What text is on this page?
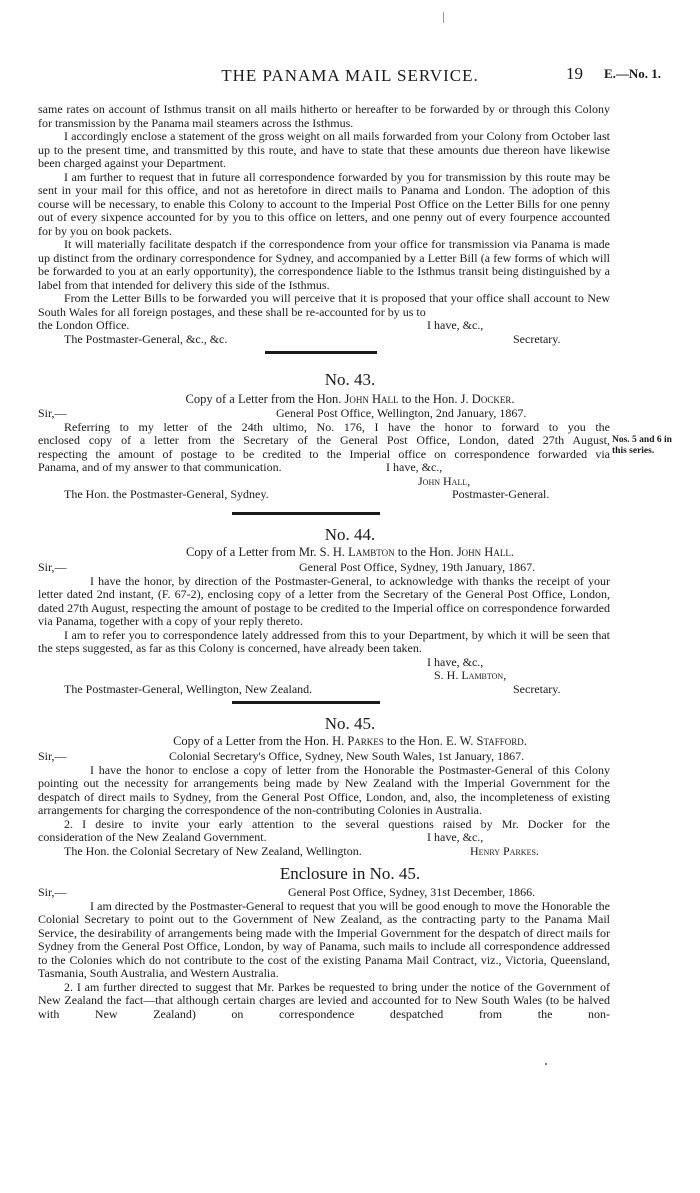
THE PANAMA MAIL SERVICE.	19 E.—No. 1.

same rates on account of Isthmus transit on all mails hitherto or hereafter to be forwarded by or through this Colony for transmission by the Panama mail steamers across the Isthmus.

I accordingly enclose a statement of the gross weight on all mails forwarded from your Colony from October last up to the present time, and transmitted by this route, and have to state that these amounts due thereon have likewise been charged against your Department.

I am further to request that in future all correspondence forwarded by you for transmission by this route may be sent in your mail for this office, and not as heretofore in direct mails to Panama and London. The adoption of this course will be necessary, to enable this Colony to account to the Imperial Post Office on the Letter Bills for one penny out of every sixpence accounted for by you to this office on letters, and one penny out of every fourpence accounted for by you on book packets.

It will materially facilitate despatch if the correspondence from your office for transmission via Panama is made up distinct from the ordinary correspondence for Sydney, and accompanied by a Letter Bill (a few forms of which will be forwarded to you at an early opportunity), the correspondence liable to the Isthmus transit being distinguished by a label from that intended for delivery this side of the Isthmus.

From the Letter Bills to be forwarded you will perceive that it is proposed that your office shall account to New South Wales for all foreign postages, and these shall be re-accounted for by us to

the London Office.	I have, &c.,
The Postmaster-General, &c., &c.	Secretary.
No. 43.
Copy of a Letter from the Hon. John Hall to the Hon. J. Docker.
Sir,—	General Post Office, Wellington, 2nd January, 1867.

Referring to my letter of the 24th ultimo, No. 176, I have the honor to forward to you the

enclosed copy of a letter from the Secretary of the General Post Office, London, dated 27th August,

respecting the amount of postage to be credited to the Imperial office on correspondence forwarded via

Panama, and of my answer to that communication.	I have, &c.,
John Hall,
The Hon. the Postmaster-General, Sydney.	Postmaster-General.
Nos. 5 and 6 in
this series.
No. 44.
Copy of a Letter from Mr. S. H. Lambton to the Hon. John Hall.
Sir,—	General Post Office, Sydney, 19th January, 1867.

I have the honor, by direction of the Postmaster-General, to acknowledge with thanks the receipt of your letter dated 2nd instant, (F. 67-2), enclosing copy of a letter from the Secretary of the General Post Office, London, dated 27th August, respecting the amount of postage to be credited to the Imperial office on correspondence forwarded via Panama, together with a copy of your reply thereto.

I am to refer you to correspondence lately addressed from this to your Department, by which it will be seen that the steps suggested, as far as this Colony is concerned, have already been taken.

I have, &c.,
S. H. Lambton,
The Postmaster-General, Wellington, New Zealand.	Secretary.
No. 45.
Copy of a Letter from the Hon. H. Parkes to the Hon. E. W. Stafford.
Sir,—	Colonial Secretary's Office, Sydney, New South Wales, 1st January, 1867.

I have the honor to enclose a copy of letter from the Honorable the Postmaster-General of this Colony pointing out the necessity for arrangements being made by New Zealand with the Imperial Government for the despatch of direct mails to Sydney, from the General Post Office, London, and, also, the incompleteness of existing arrangements for charging the correspondence of the non-contributing Colonies in Australia.

2. I desire to invite your early attention to the several questions raised by Mr. Docker for the

consideration of the New Zealand Government.	I have, &c.,
The Hon. the Colonial Secretary of New Zealand, Wellington.	Henry Parkes.
Enclosure in No. 45.
Sir,—	General Post Office, Sydney, 31st December, 1866.

I am directed by the Postmaster-General to request that you will be good enough to move the Honorable the Colonial Secretary to point out to the Government of New Zealand, as the contracting party to the Panama Mail Service, the desirability of arrangements being made with the Imperial Government for the despatch of direct mails for Sydney from the General Post Office, London, by way of Panama, such mails to include all correspondence addressed to the Colonies which do not contribute to the cost of the existing Panama Mail Contract, viz., Victoria, Queensland, Tasmania, South Australia, and Western Australia.

2. I am further directed to suggest that Mr. Parkes be requested to bring under the notice of the Government of New Zealand the fact—that although certain charges are levied and accounted for to New South Wales (to be halved with New Zealand) on correspondence despatched from the non-
